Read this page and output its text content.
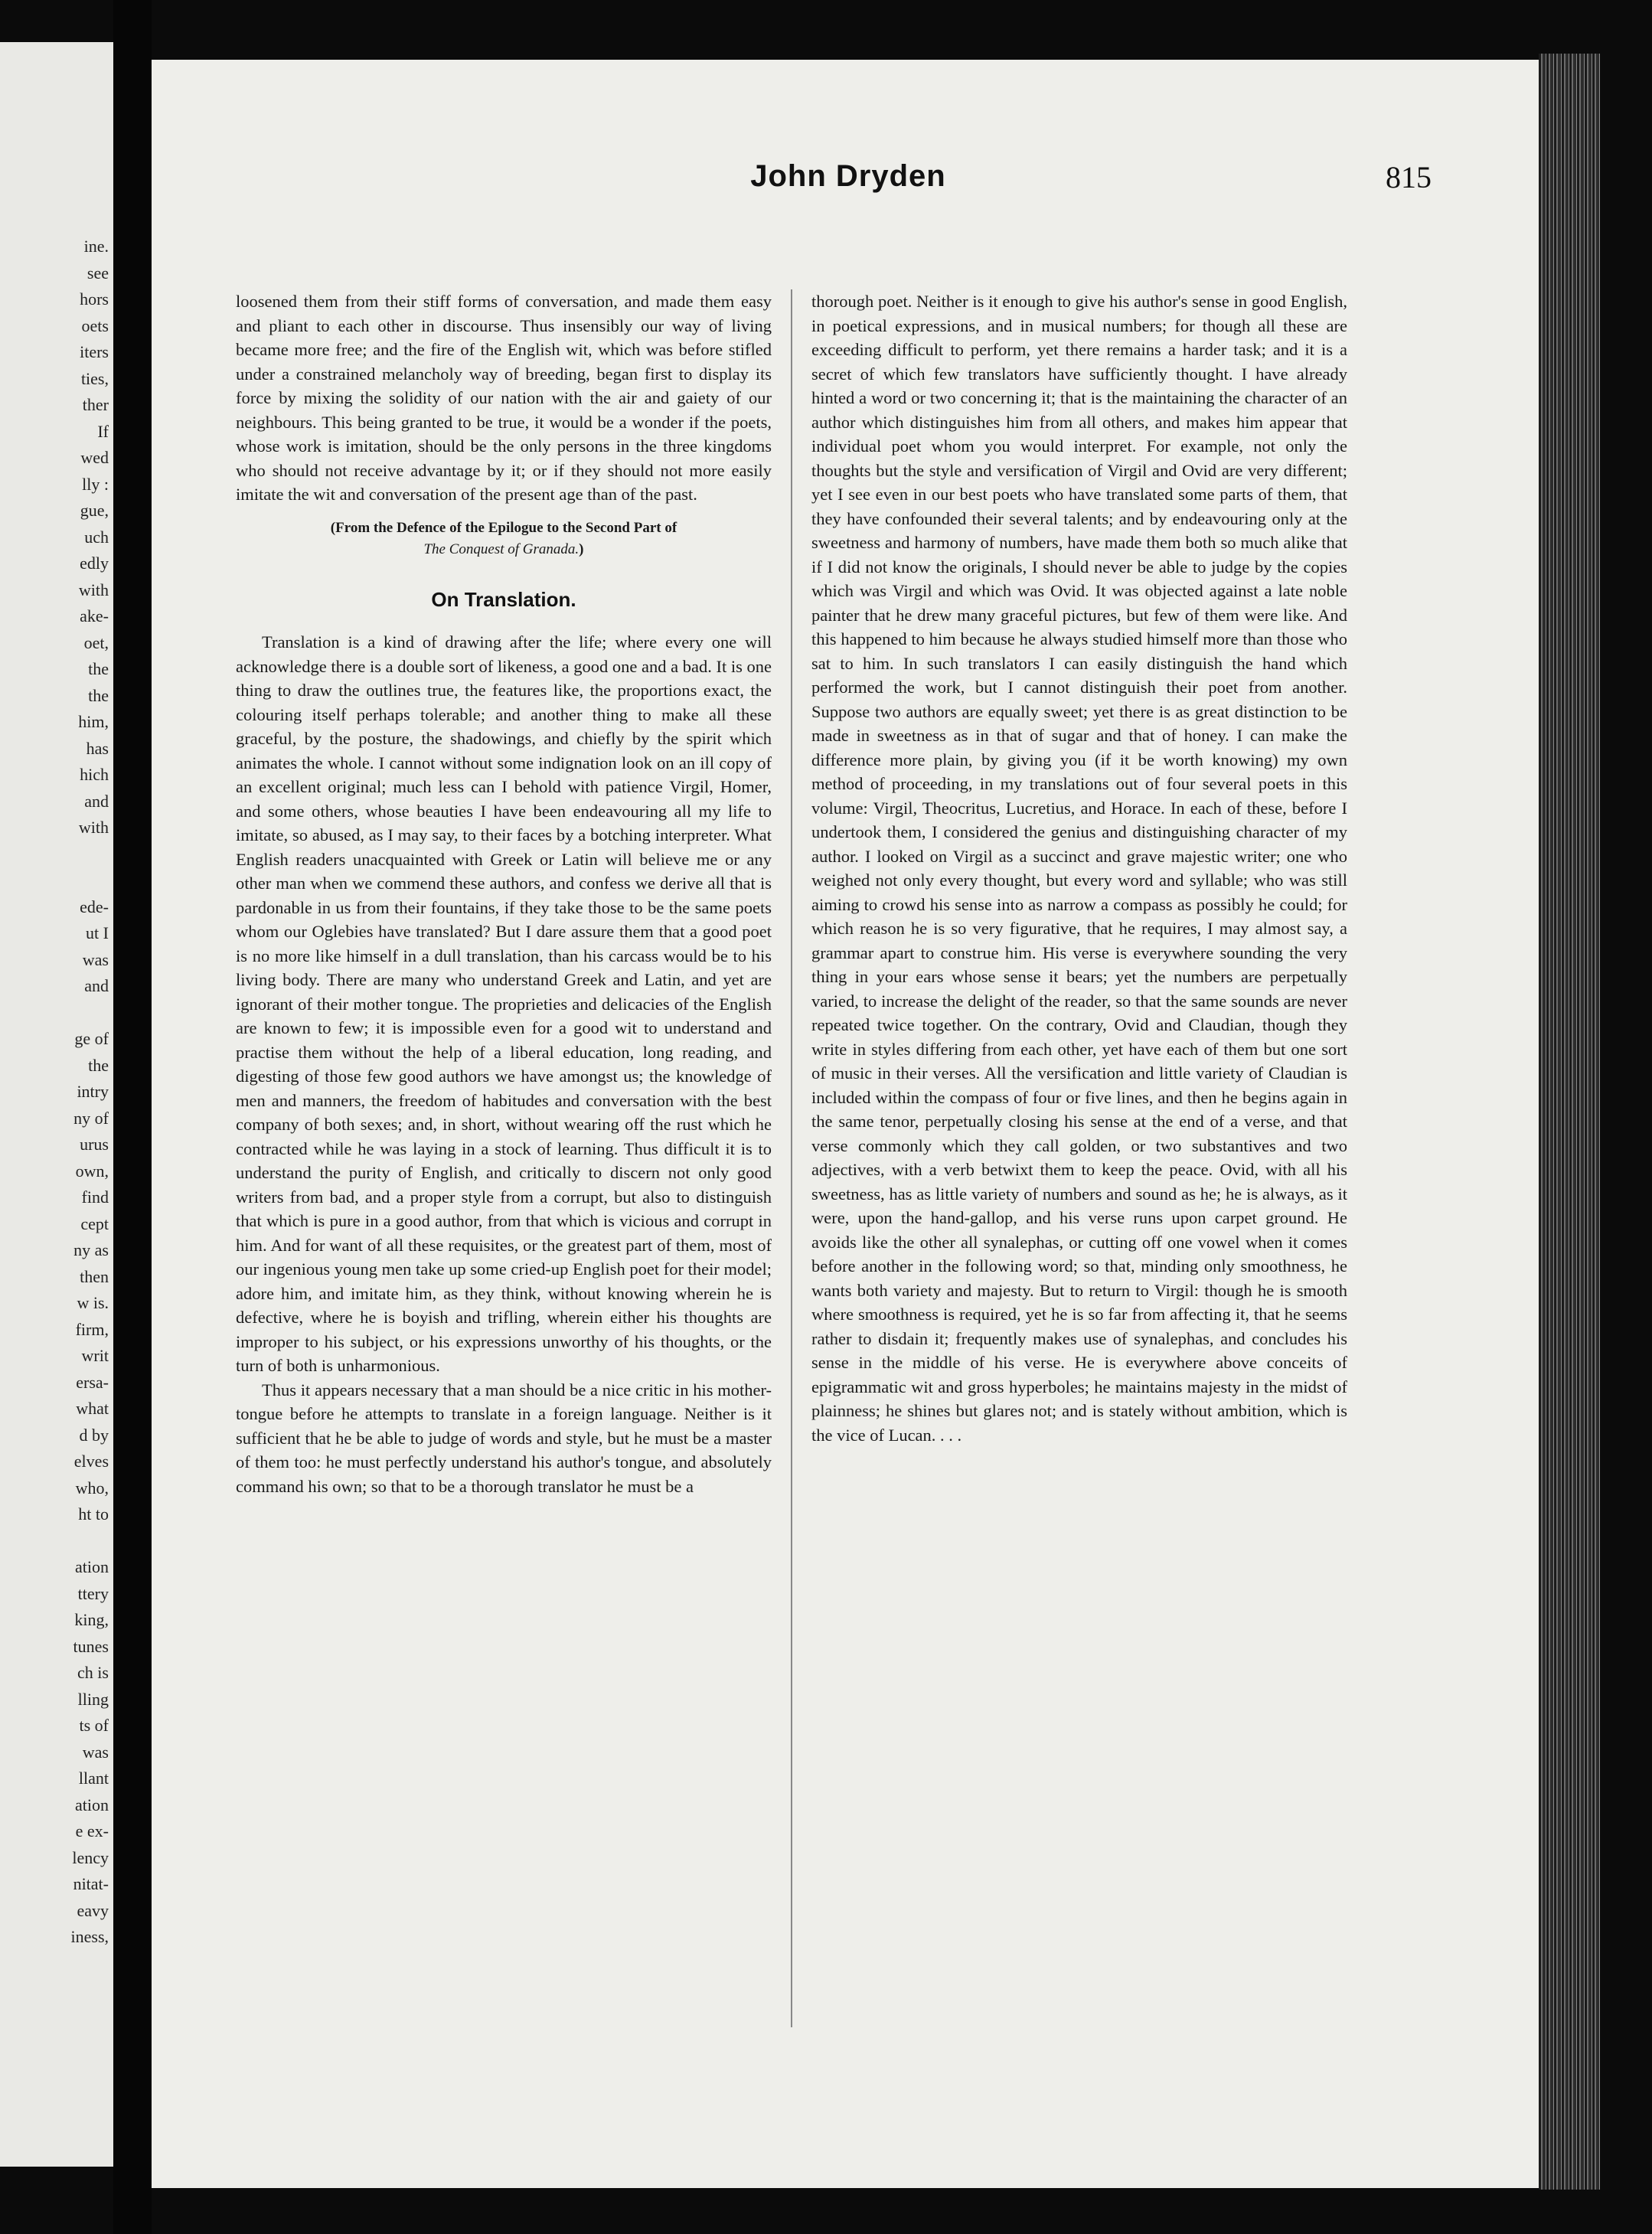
ine.
see
hors
oets
iters
ties,
ther
If
wed
lly :
gue,
uch
edly
with
ake-
oet,
the
the
him,
has
hich
and
with
ede-
ut I
was
and
ge of
the
intry
ny of
urus
own,
find
cept
ny as
then
w is.
firm,
writ
ersa-
what
d by
elves
who,
ht to
ation
ttery
king,
tunes
ch is
lling
ts of
was
llant
ation
e ex-
lency
nitat-
eavy
iness,
John Dryden	815

loosened them from their stiff forms of conversation, and made them easy and pliant to each other in discourse. Thus insensibly our way of living became more free; and the fire of the English wit, which was before stifled under a constrained melancholy way of breeding, began first to display its force by mixing the solidity of our nation with the air and gaiety of our neighbours. This being granted to be true, it would be a wonder if the poets, whose work is imitation, should be the only persons in the three kingdoms who should not receive advantage by it; or if they should not more easily imitate the wit and conversation of the present age than of the past.

(From the Defence of the Epilogue to the Second Part of
The Conquest of Granada.)

On Translation.

Translation is a kind of drawing after the life; where every one will acknowledge there is a double sort of likeness, a good one and a bad. It is one thing to draw the outlines true, the features like, the proportions exact, the colouring itself perhaps tolerable; and another thing to make all these graceful, by the posture, the shadowings, and chiefly by the spirit which animates the whole. I cannot without some indignation look on an ill copy of an excellent original; much less can I behold with patience Virgil, Homer, and some others, whose beauties I have been endeavouring all my life to imitate, so abused, as I may say, to their faces by a botching interpreter. What English readers unacquainted with Greek or Latin will believe me or any other man when we commend these authors, and confess we derive all that is pardonable in us from their fountains, if they take those to be the same poets whom our Oglebies have translated? But I dare assure them that a good poet is no more like himself in a dull translation, than his carcass would be to his living body. There are many who understand Greek and Latin, and yet are ignorant of their mother tongue. The proprieties and delicacies of the English are known to few; it is impossible even for a good wit to understand and practise them without the help of a liberal education, long reading, and digesting of those few good authors we have amongst us; the knowledge of men and manners, the freedom of habitudes and conversation with the best company of both sexes; and, in short, without wearing off the rust which he contracted while he was laying in a stock of learning. Thus difficult it is to understand the purity of English, and critically to discern not only good writers from bad, and a proper style from a corrupt, but also to distinguish that which is pure in a good author, from that which is vicious and corrupt in him. And for want of all these requisites, or the greatest part of them, most of our ingenious young men take up some cried-up English poet for their model; adore him, and imitate him, as they think, without knowing wherein he is defective, where he is boyish and trifling, wherein either his thoughts are improper to his subject, or his expressions unworthy of his thoughts, or the turn of both is unharmonious.

Thus it appears necessary that a man should be a nice critic in his mother-tongue before he attempts to translate in a foreign language. Neither is it sufficient that he be able to judge of words and style, but he must be a master of them too: he must perfectly understand his author's tongue, and absolutely command his own; so that to be a thorough translator he must be a

thorough poet. Neither is it enough to give his author's sense in good English, in poetical expressions, and in musical numbers; for though all these are exceeding difficult to perform, yet there remains a harder task; and it is a secret of which few translators have sufficiently thought. I have already hinted a word or two concerning it; that is the maintaining the character of an author which distinguishes him from all others, and makes him appear that individual poet whom you would interpret. For example, not only the thoughts but the style and versification of Virgil and Ovid are very different; yet I see even in our best poets who have translated some parts of them, that they have confounded their several talents; and by endeavouring only at the sweetness and harmony of numbers, have made them both so much alike that if I did not know the originals, I should never be able to judge by the copies which was Virgil and which was Ovid. It was objected against a late noble painter that he drew many graceful pictures, but few of them were like. And this happened to him because he always studied himself more than those who sat to him. In such translators I can easily distinguish the hand which performed the work, but I cannot distinguish their poet from another. Suppose two authors are equally sweet; yet there is as great distinction to be made in sweetness as in that of sugar and that of honey. I can make the difference more plain, by giving you (if it be worth knowing) my own method of proceeding, in my translations out of four several poets in this volume: Virgil, Theocritus, Lucretius, and Horace. In each of these, before I undertook them, I considered the genius and distinguishing character of my author. I looked on Virgil as a succinct and grave majestic writer; one who weighed not only every thought, but every word and syllable; who was still aiming to crowd his sense into as narrow a compass as possibly he could; for which reason he is so very figurative, that he requires, I may almost say, a grammar apart to construe him. His verse is everywhere sounding the very thing in your ears whose sense it bears; yet the numbers are perpetually varied, to increase the delight of the reader, so that the same sounds are never repeated twice together. On the contrary, Ovid and Claudian, though they write in styles differing from each other, yet have each of them but one sort of music in their verses. All the versification and little variety of Claudian is included within the compass of four or five lines, and then he begins again in the same tenor, perpetually closing his sense at the end of a verse, and that verse commonly which they call golden, or two substantives and two adjectives, with a verb betwixt them to keep the peace. Ovid, with all his sweetness, has as little variety of numbers and sound as he; he is always, as it were, upon the hand-gallop, and his verse runs upon carpet ground. He avoids like the other all synalephas, or cutting off one vowel when it comes before another in the following word; so that, minding only smoothness, he wants both variety and majesty. But to return to Virgil: though he is smooth where smoothness is required, yet he is so far from affecting it, that he seems rather to disdain it; frequently makes use of synalephas, and concludes his sense in the middle of his verse. He is everywhere above conceits of epigrammatic wit and gross hyperboles; he maintains majesty in the midst of plainness; he shines but glares not; and is stately without ambition, which is the vice of Lucan. . . .
